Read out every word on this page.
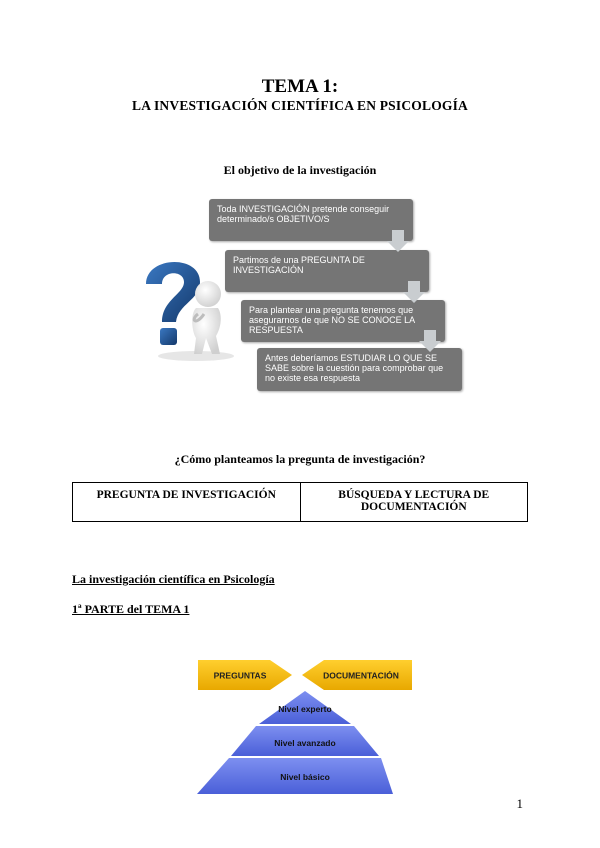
TEMA 1:
LA INVESTIGACIÓN CIENTÍFICA EN PSICOLOGÍA
El objetivo de la investigación
Toda INVESTIGACIÓN pretende conseguir determinado/s OBJETIVO/S
Partimos de una PREGUNTA DE INVESTIGACIÓN
Para plantear una pregunta tenemos que asegurarnos de que NO SE CONOCE LA RESPUESTA
Antes deberíamos ESTUDIAR LO QUE SE SABE sobre la cuestión para comprobar que no existe esa respuesta
¿Cómo planteamos la pregunta de investigación?
PREGUNTA DE INVESTIGACIÓN	BÚSQUEDA Y LECTURA DE DOCUMENTACIÓN
La investigación científica en Psicología
1ª PARTE del TEMA 1
PREGUNTAS	DOCUMENTACIÓN
Nivel experto
Nivel avanzado
Nivel básico
1
